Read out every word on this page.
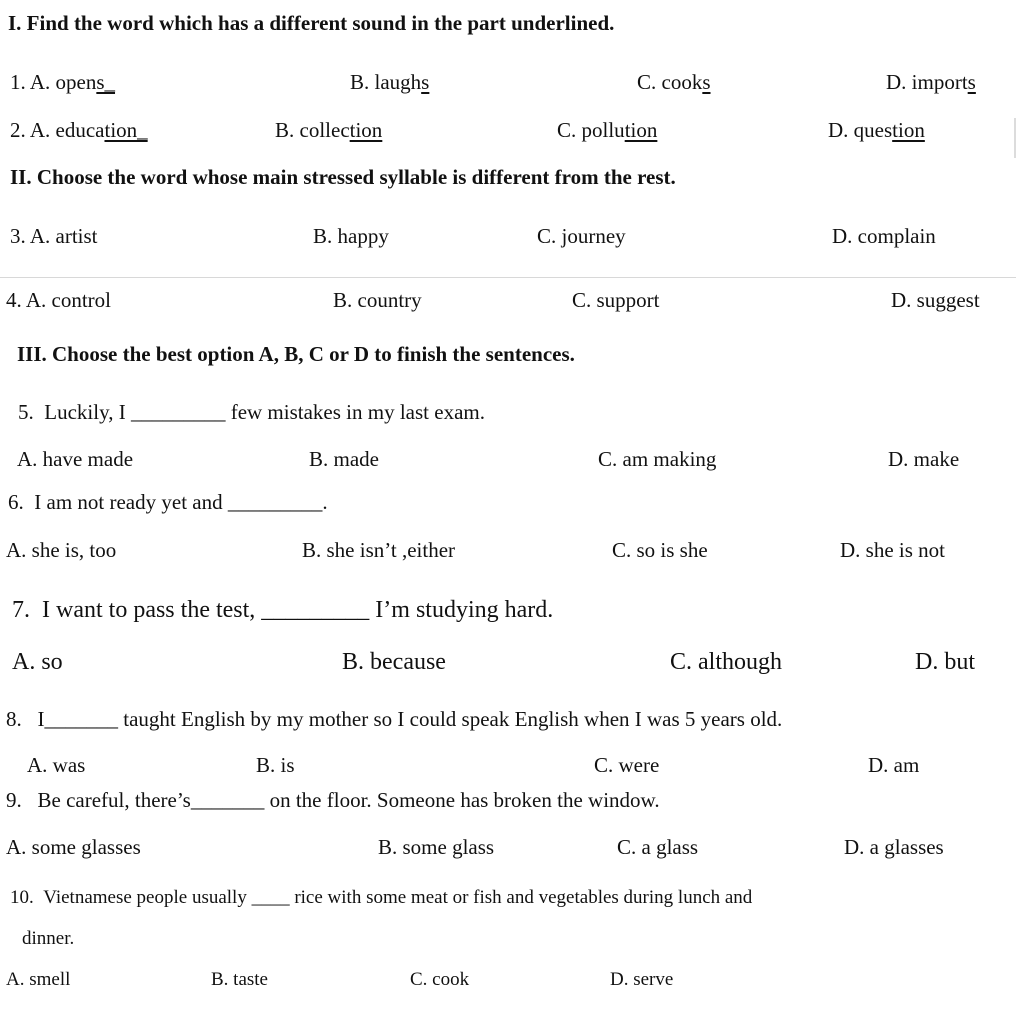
I. Find the word which has a different sound in the part underlined.
1. A. opens_	B. laughs	C. cooks	D. imports
2. A. education_	B. collection	C. pollution	D. question
II. Choose the word whose main stressed syllable is different from the rest.
3. A. artist	B. happy	C. journey	D. complain
4. A. control	B. country	C. support	D. suggest
III. Choose the best option A, B, C or D to finish the sentences.
5. Luckily, I _________ few mistakes in my last exam.
A. have made	B. made	C. am making	D. make
6. I am not ready yet and _________.
A. she is, too	B. she isn’t ,either	C. so is she	D. she is not
7. I want to pass the test, _________ I’m studying hard.
A. so	B. because	C. although	D. but
8. I_______ taught English by my mother so I could speak English when I was 5 years old.
A. was	B. is	C. were	D. am
9. Be careful, there’s_______ on the floor. Someone has broken the window.
A. some glasses	B. some glass	C. a glass	D. a glasses
10. Vietnamese people usually ____ rice with some meat or fish and vegetables during lunch and
dinner.
A. smell	B. taste	C. cook	D. serve
